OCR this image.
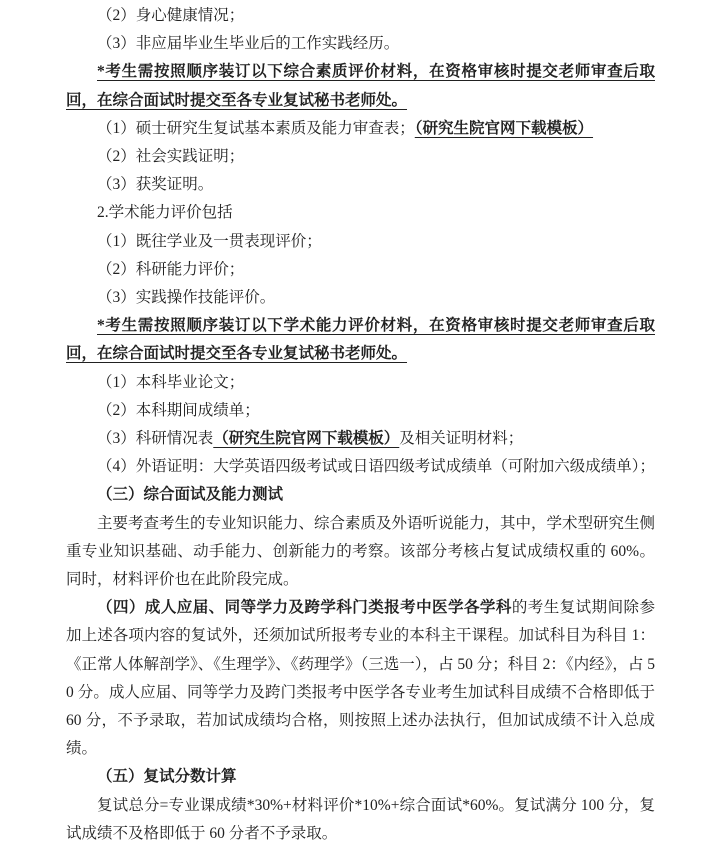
（2）身心健康情况；

（3）非应届毕业生毕业后的工作实践经历。

*考生需按照顺序装订以下综合素质评价材料，在资格审核时提交老师审查后取回，在综合面试时提交至各专业复试秘书老师处。

（1）硕士研究生复试基本素质及能力审查表；（研究生院官网下载模板）

（2）社会实践证明；

（3）获奖证明。

2.学术能力评价包括

（1）既往学业及一贯表现评价；

（2）科研能力评价；

（3）实践操作技能评价。

*考生需按照顺序装订以下学术能力评价材料，在资格审核时提交老师审查后取回，在综合面试时提交至各专业复试秘书老师处。

（1）本科毕业论文；

（2）本科期间成绩单；

（3）科研情况表（研究生院官网下载模板）及相关证明材料；

（4）外语证明：大学英语四级考试或日语四级考试成绩单（可附加六级成绩单）；

（三）综合面试及能力测试

主要考查考生的专业知识能力、综合素质及外语听说能力，其中，学术型研究生侧重专业知识基础、动手能力、创新能力的考察。该部分考核占复试成绩权重的 60%。同时，材料评价也在此阶段完成。

（四）成人应届、同等学力及跨学科门类报考中医学各学科的考生复试期间除参加上述各项内容的复试外，还须加试所报考专业的本科主干课程。加试科目为科目 1：《正常人体解剖学》、《生理学》、《药理学》（三选一），占 50 分；科目 2：《内经》，占 50 分。成人应届、同等学力及跨门类报考中医学各专业考生加试科目成绩不合格即低于 60 分，不予录取，若加试成绩均合格，则按照上述办法执行，但加试成绩不计入总成绩。

（五）复试分数计算

复试总分=专业课成绩*30%+材料评价*10%+综合面试*60%。复试满分 100 分，复试成绩不及格即低于 60 分者不予录取。
